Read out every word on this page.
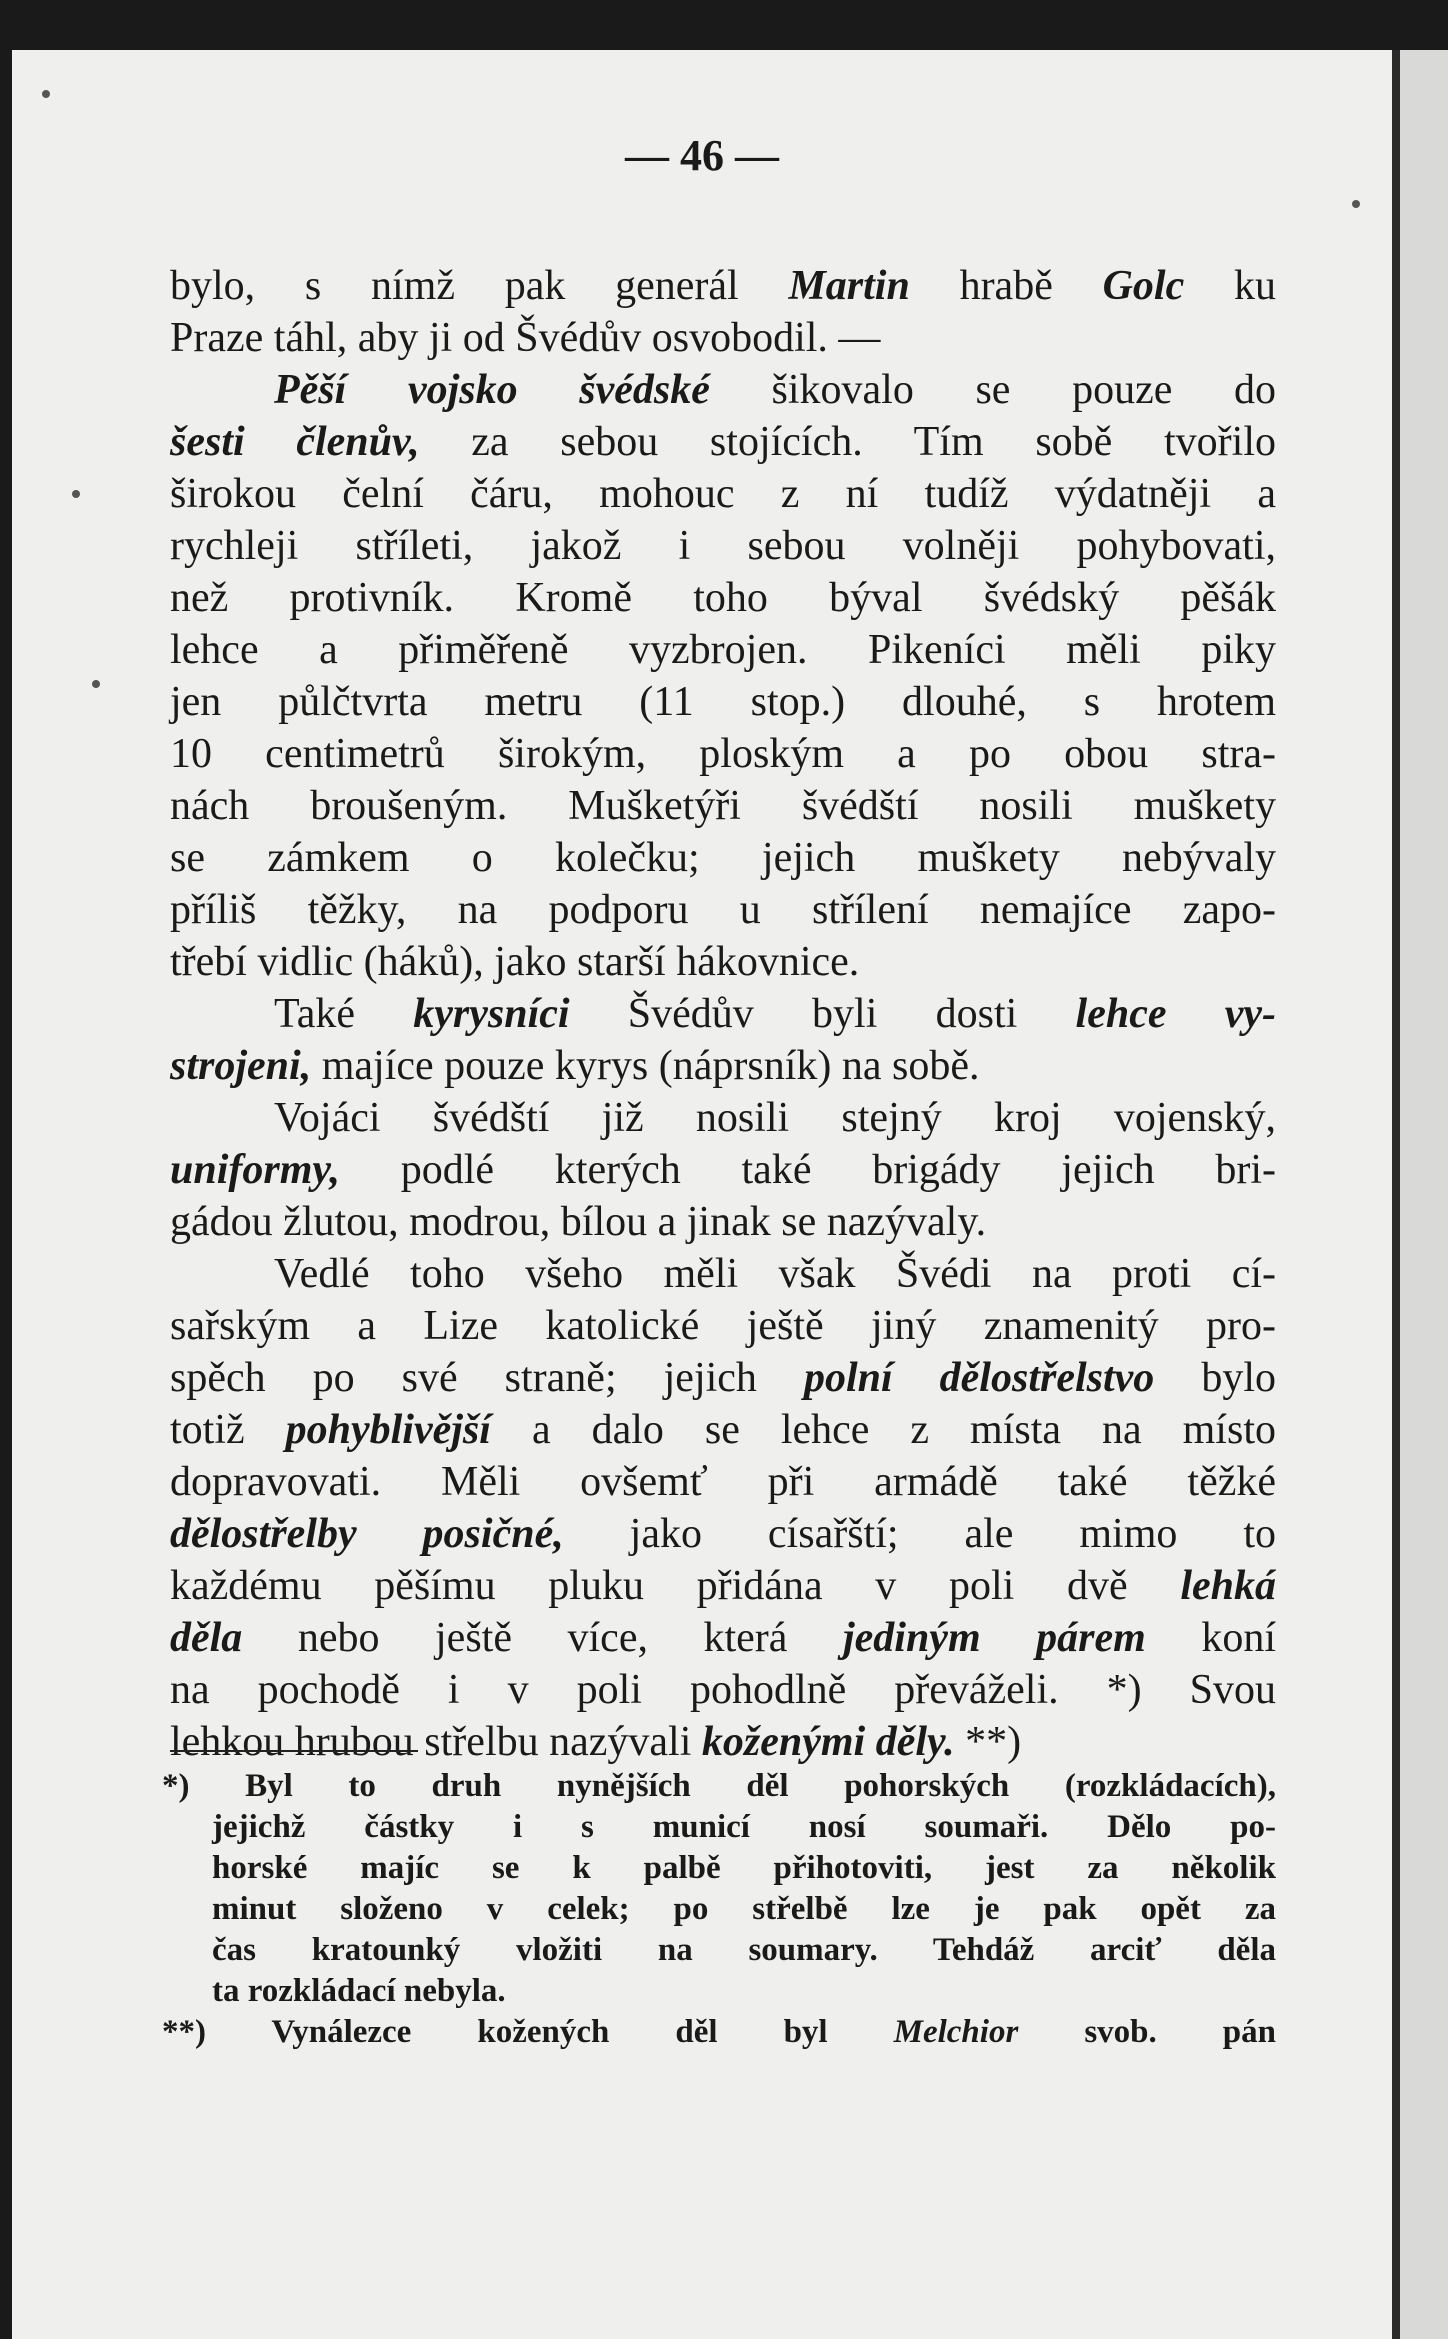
— 46 —
bylo, s nímž pak generál Martin hrabě Golc ku
Praze táhl, aby ji od Švédův osvobodil. —
Pěší vojsko švédské šikovalo se pouze do
šesti členův, za sebou stojících. Tím sobě tvořilo
širokou čelní čáru, mohouc z ní tudíž výdatněji a
rychleji stříleti, jakož i sebou volněji pohybovati,
než protivník. Kromě toho býval švédský pěšák
lehce a přiměřeně vyzbrojen. Pikeníci měli piky
jen půlčtvrta metru (11 stop.) dlouhé, s hrotem
10 centimetrů širokým, ploským a po obou stra-
nách broušeným. Mušketýři švédští nosili muškety
se zámkem o kolečku; jejich muškety nebývaly
příliš těžky, na podporu u střílení nemajíce zapo-
třebí vidlic (háků), jako starší hákovnice.
Také kyrysníci Švédův byli dosti lehce vy-
strojeni, majíce pouze kyrys (náprsník) na sobě.
Vojáci švédští již nosili stejný kroj vojenský,
uniformy, podlé kterých také brigády jejich bri-
gádou žlutou, modrou, bílou a jinak se nazývaly.
Vedlé toho všeho měli však Švédi na proti cí-
sařským a Lize katolické ještě jiný znamenitý pro-
spěch po své straně; jejich polní dělostřelstvo bylo
totiž pohyblivější a dalo se lehce z místa na místo
dopravovati. Měli ovšemť při armádě také těžké
dělostřelby posičné, jako císařští; ale mimo to
každému pěšímu pluku přidána v poli dvě lehká
děla nebo ještě více, která jediným párem koní
na pochodě i v poli pohodlně převáželi. *) Svou
lehkou hrubou střelbu nazývali koženými děly. **)
*) Byl to druh nynějších děl pohorských (rozkládacích),
jejichž částky i s municí nosí soumaři. Dělo po-
horské majíc se k palbě přihotoviti, jest za několik
minut složeno v celek; po střelbě lze je pak opět za
čas kratounký vložiti na soumary. Tehdáž arciť děla
ta rozkládací nebyla.
**) Vynálezce kožených děl byl Melchior svob. pán
